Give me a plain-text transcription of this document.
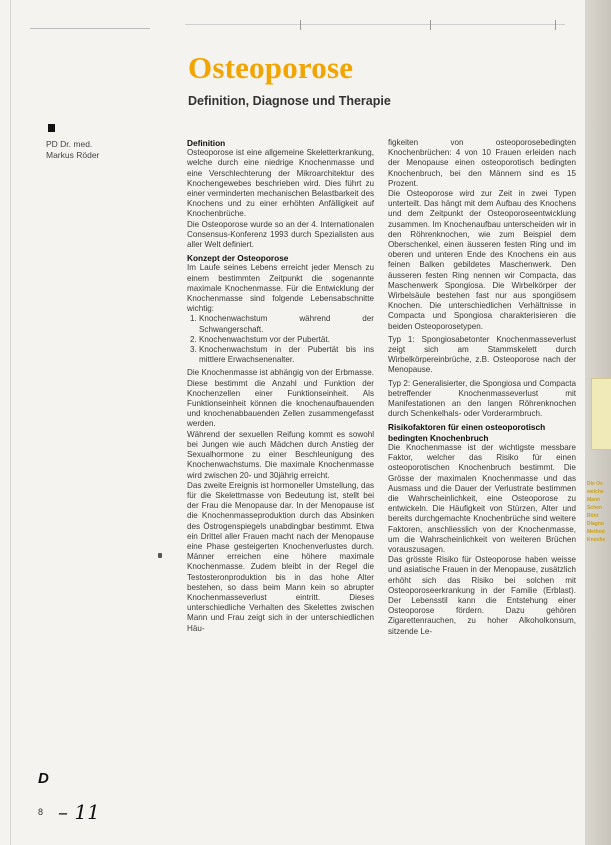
Osteoporose
Definition, Diagnose und Therapie
PD Dr. med.
Markus Röder
Definition

Osteoporose ist eine allgemeine Skeletterkrankung, welche durch eine niedrige Knochenmasse und eine Verschlechterung der Mikroarchitektur des Knochengewebes beschrieben wird. Dies führt zu einer verminderten mechanischen Belastbarkeit des Knochens und zu einer erhöhten Anfälligkeit auf Knochenbrüche.

Die Osteoporose wurde so an der 4. Internationalen Consensus-Konferenz 1993 durch Spezialisten aus aller Welt definiert.

Konzept der Osteoporose

Im Laufe seines Lebens erreicht jeder Mensch zu einem bestimmten Zeitpunkt die sogenannte maximale Knochenmasse. Für die Entwicklung der Knochenmasse sind folgende Lebensabschnitte wichtig:

1. Knochenwachstum während der Schwangerschaft.
2. Knochenwachstum vor der Pubertät.
3. Knochenwachstum in der Pubertät bis ins mittlere Erwachsenenalter.

Die Knochenmasse ist abhängig von der Erbmasse. Diese bestimmt die Anzahl und Funktion der Knochenzellen einer Funktionseinheit. Als Funktionseinheit können die knochenaufbauenden und knochenabbauenden Zellen zusammengefasst werden.

Während der sexuellen Reifung kommt es sowohl bei Jungen wie auch Mädchen durch Anstieg der Sexualhormone zu einer Beschleunigung des Knochenwachstums. Die maximale Knochenmasse wird zwischen 20- und 30jährig erreicht.

Das zweite Ereignis ist hormoneller Umstellung, das für die Skelettmasse von Bedeutung ist, stellt bei der Frau die Menopause dar. In der Menopause ist die Knochenmasseproduktion durch das Absinken des Östrogenspiegels unabdingbar bestimmt. Etwa ein Drittel aller Frauen macht nach der Menopause eine Phase gesteigerten Knochenverlustes durch. Männer erreichen eine höhere maximale Knochenmasse. Zudem bleibt in der Regel die Testosteronproduktion bis in das hohe Alter bestehen, so dass beim Mann kein so abrupter Knochenmasseverlust eintritt. Dieses unterschiedliche Verhalten des Skelettes zwischen Mann und Frau zeigt sich in der unterschiedlichen Häu-

figkeiten von osteoporosebedingten Knochenbrüchen: 4 von 10 Frauen erleiden nach der Menopause einen osteoporotisch bedingten Knochenbruch, bei den Männern sind es 15 Prozent.

Die Osteoporose wird zur Zeit in zwei Typen unterteilt. Das hängt mit dem Aufbau des Knochens und dem Zeitpunkt der Osteoporoseentwicklung zusammen. Im Knochenaufbau unterscheiden wir in den Röhrenknochen, wie zum Beispiel dem Oberschenkel, einen äusseren festen Ring und im oberen und unteren Ende des Knochens ein aus feinen Balken gebildetes Maschenwerk. Den äusseren festen Ring nennen wir Compacta, das Maschenwerk Spongiosa. Die Wirbelkörper der Wirbelsäule bestehen fast nur aus spongiösem Knochen. Die unterschiedlichen Verhältnisse in Compacta und Spongiosa charakterisieren die beiden Osteoporosetypen.

Typ 1: Spongiosabetonter Knochenmasseverlust zeigt sich am Stammskelett durch Wirbelkörpereinbrüche, z.B. Osteoporose nach der Menopause.

Typ 2: Generalisierter, die Spongiosa und Compacta betreffender Knochenmasseverlust mit Manifestationen an den langen Röhrenknochen durch Schenkelhals- oder Vorderarmbruch.

Risikofaktoren für einen osteoporotisch bedingten Knochenbruch

Die Knochenmasse ist der wichtigste messbare Faktor, welcher das Risiko für einen osteoporotischen Knochenbruch bestimmt. Die Grösse der maximalen Knochenmasse und das Ausmass und die Dauer der Verlustrate bestimmen die Wahrscheinlichkeit, eine Osteoporose zu entwickeln. Die Häufigkeit von Stürzen, Alter und bereits durchgemachte Knochenbrüche sind weitere Faktoren, anschliesslich von der Knochenmasse, um die Wahrscheinlichkeit von weiteren Brüchen vorauszusagen.

Das grösste Risiko für Osteoporose haben weisse und asiatische Frauen in der Menopause, zusätzlich erhöht sich das Risiko bei solchen mit Osteoporoseerkrankung in der Familie (Erblast). Der Lebensstil kann die Entstehung einer Osteoporose fördern. Dazu gehören Zigarettenrauchen, zu hoher Alkoholkonsum, sitzende Le-

D
8 – 11
Die Os
welche
Mann
Schen
Rönt
Diagno
Method
Knoche
